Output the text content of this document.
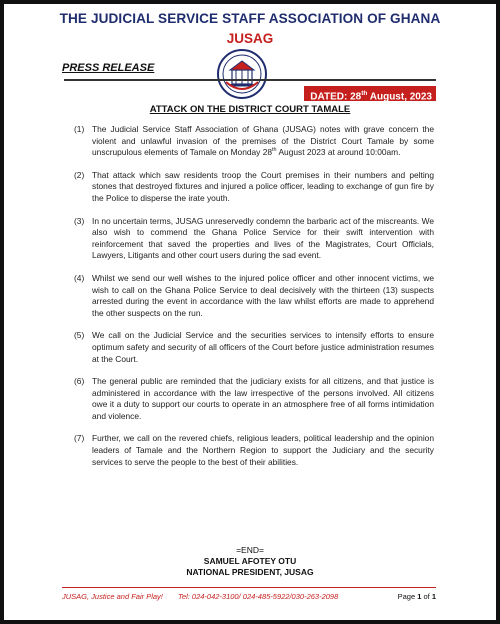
THE JUDICIAL SERVICE STAFF ASSOCIATION OF GHANA
JUSAG
PRESS RELEASE
DATED: 28th August, 2023
ATTACK ON THE DISTRICT COURT TAMALE
(1) The Judicial Service Staff Association of Ghana (JUSAG) notes with grave concern the violent and unlawful invasion of the premises of the District Court Tamale by some unscrupulous elements of Tamale on Monday 28th August 2023 at around 10:00am.
(2) That attack which saw residents troop the Court premises in their numbers and pelting stones that destroyed fixtures and injured a police officer, leading to exchange of gun fire by the Police to disperse the irate youth.
(3) In no uncertain terms, JUSAG unreservedly condemn the barbaric act of the miscreants. We also wish to commend the Ghana Police Service for their swift intervention with reinforcement that saved the properties and lives of the Magistrates, Court Officials, Lawyers, Litigants and other court users during the sad event.
(4) Whilst we send our well wishes to the injured police officer and other innocent victims, we wish to call on the Ghana Police Service to deal decisively with the thirteen (13) suspects arrested during the event in accordance with the law whilst efforts are made to apprehend the other suspects on the run.
(5) We call on the Judicial Service and the securities services to intensify efforts to ensure optimum safety and security of all officers of the Court before justice administration resumes at the Court.
(6) The general public are reminded that the judiciary exists for all citizens, and that justice is administered in accordance with the law irrespective of the persons involved. All citizens owe it a duty to support our courts to operate in an atmosphere free of all forms intimidation and violence.
(7) Further, we call on the revered chiefs, religious leaders, political leadership and the opinion leaders of Tamale and the Northern Region to support the Judiciary and the security services to serve the people to the best of their abilities.
=END=
SAMUEL AFOTEY OTU
NATIONAL PRESIDENT, JUSAG
JUSAG, Justice and Fair Play! Tel: 024-042-3100/ 024-485-5922/030-263-2098	Page 1 of 1
